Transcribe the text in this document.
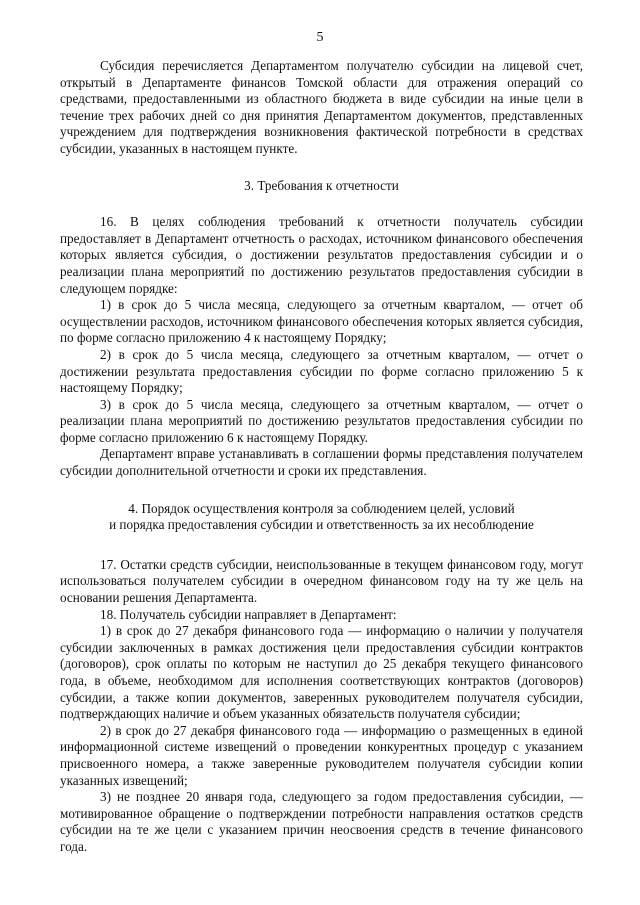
5

Субсидия перечисляется Департаментом получателю субсидии на лицевой счет, открытый в Департаменте финансов Томской области для отражения операций со средствами, предоставленными из областного бюджета в виде субсидии на иные цели в течение трех рабочих дней со дня принятия Департаментом документов, представленных учреждением для подтверждения возникновения фактической потребности в средствах субсидии, указанных в настоящем пункте.

3. Требования к отчетности

16. В целях соблюдения требований к отчетности получатель субсидии предоставляет в Департамент отчетность о расходах, источником финансового обеспечения которых является субсидия, о достижении результатов предоставления субсидии и о реализации плана мероприятий по достижению результатов предоставления субсидии в следующем порядке:

1) в срок до 5 числа месяца, следующего за отчетным кварталом, — отчет об осуществлении расходов, источником финансового обеспечения которых является субсидия, по форме согласно приложению 4 к настоящему Порядку;

2) в срок до 5 числа месяца, следующего за отчетным кварталом, — отчет о достижении результата предоставления субсидии по форме согласно приложению 5 к настоящему Порядку;

3) в срок до 5 числа месяца, следующего за отчетным кварталом, — отчет о реализации плана мероприятий по достижению результатов предоставления субсидии по форме согласно приложению 6 к настоящему Порядку.

Департамент вправе устанавливать в соглашении формы представления получателем субсидии дополнительной отчетности и сроки их представления.

4. Порядок осуществления контроля за соблюдением целей, условий
и порядка предоставления субсидии и ответственность за их несоблюдение

17. Остатки средств субсидии, неиспользованные в текущем финансовом году, могут использоваться получателем субсидии в очередном финансовом году на ту же цель на основании решения Департамента.

18. Получатель субсидии направляет в Департамент:

1) в срок до 27 декабря финансового года — информацию о наличии у получателя субсидии заключенных в рамках достижения цели предоставления субсидии контрактов (договоров), срок оплаты по которым не наступил до 25 декабря текущего финансового года, в объеме, необходимом для исполнения соответствующих контрактов (договоров) субсидии, а также копии документов, заверенных руководителем получателя субсидии, подтверждающих наличие и объем указанных обязательств получателя субсидии;

2) в срок до 27 декабря финансового года — информацию о размещенных в единой информационной системе извещений о проведении конкурентных процедур с указанием присвоенного номера, а также заверенные руководителем получателя субсидии копии указанных извещений;

3) не позднее 20 января года, следующего за годом предоставления субсидии, — мотивированное обращение о подтверждении потребности направления остатков средств субсидии на те же цели с указанием причин неосвоения средств в течение финансового года.
